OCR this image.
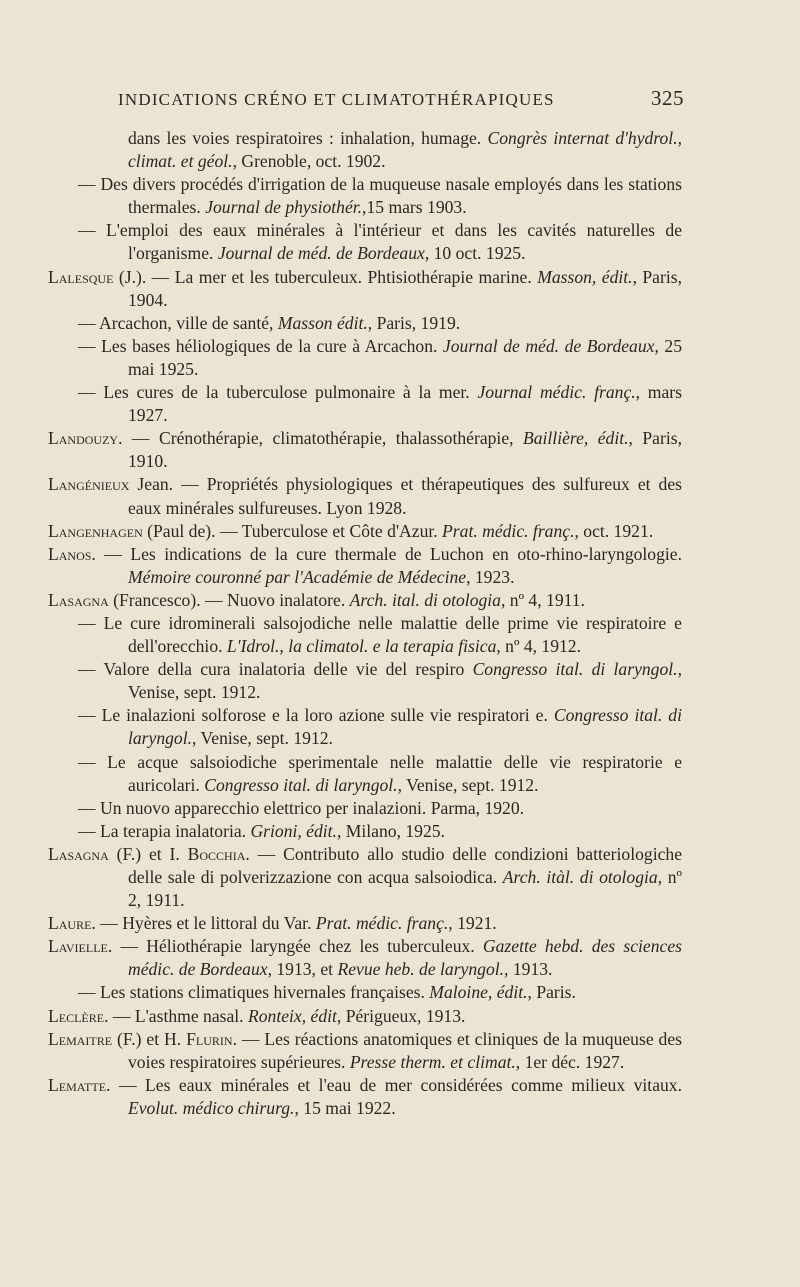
INDICATIONS CRÉNO ET CLIMATOTHÉRAPIQUES	325
dans les voies respiratoires : inhalation, humage. Congrès internat d'hydrol., climat. et géol., Grenoble, oct. 1902.
— Des divers procédés d'irrigation de la muqueuse nasale employés dans les stations thermales. Journal de physiothér.,15 mars 1903.
— L'emploi des eaux minérales à l'intérieur et dans les cavités naturelles de l'organisme. Journal de méd. de Bordeaux, 10 oct. 1925.
Lalesque (J.). — La mer et les tuberculeux. Phtisiothérapie marine. Masson, édit., Paris, 1904.
— Arcachon, ville de santé, Masson édit., Paris, 1919.
— Les bases héliologiques de la cure à Arcachon. Journal de méd. de Bordeaux, 25 mai 1925.
— Les cures de la tuberculose pulmonaire à la mer. Journal médic. franç., mars 1927.
Landouzy. — Crénothérapie, climatothérapie, thalassothérapie, Baillière, édit., Paris, 1910.
Langénieux Jean. — Propriétés physiologiques et thérapeutiques des sulfureux et des eaux minérales sulfureuses. Lyon 1928.
Langenhagen (Paul de). — Tuberculose et Côte d'Azur. Prat. médic. franç., oct. 1921.
Lanos. — Les indications de la cure thermale de Luchon en oto-rhino-laryngologie. Mémoire couronné par l'Académie de Médecine, 1923.
Lasagna (Francesco). — Nuovo inalatore. Arch. ital. di otologia, nº 4, 1911.
— Le cure idrominerali salsojodiche nelle malattie delle prime vie respiratoire e dell'orecchio. L'Idrol., la climatol. e la terapia fisica, nº 4, 1912.
— Valore della cura inalatoria delle vie del respiro Congresso ital. di laryngol., Venise, sept. 1912.
— Le inalazioni solforose e la loro azione sulle vie respiratori e. Congresso ital. di laryngol., Venise, sept. 1912.
— Le acque salsoiodiche sperimentale nelle malattie delle vie respiratorie e auricolari. Congresso ital. di laryngol., Venise, sept. 1912.
— Un nuovo apparecchio elettrico per inalazioni. Parma, 1920.
— La terapia inalatoria. Grioni, édit., Milano, 1925.
Lasagna (F.) et I. Bocchia. — Contributo allo studio delle condizioni batteriologiche delle sale di polverizzazione con acqua salsoiodica. Arch. itàl. di otologia, nº 2, 1911.
Laure. — Hyères et le littoral du Var. Prat. médic. franç., 1921.
Lavielle. — Héliothérapie laryngée chez les tuberculeux. Gazette hebd. des sciences médic. de Bordeaux, 1913, et Revue heb. de laryngol., 1913.
— Les stations climatiques hivernales françaises. Maloine, édit., Paris.
Leclère. — L'asthme nasal. Ronteix, édit, Périgueux, 1913.
Lemaitre (F.) et H. Flurin. — Les réactions anatomiques et cliniques de la muqueuse des voies respiratoires supérieures. Presse therm. et climat., 1er déc. 1927.
Lematte. — Les eaux minérales et l'eau de mer considérées comme milieux vitaux. Evolut. médico chirurg., 15 mai 1922.
